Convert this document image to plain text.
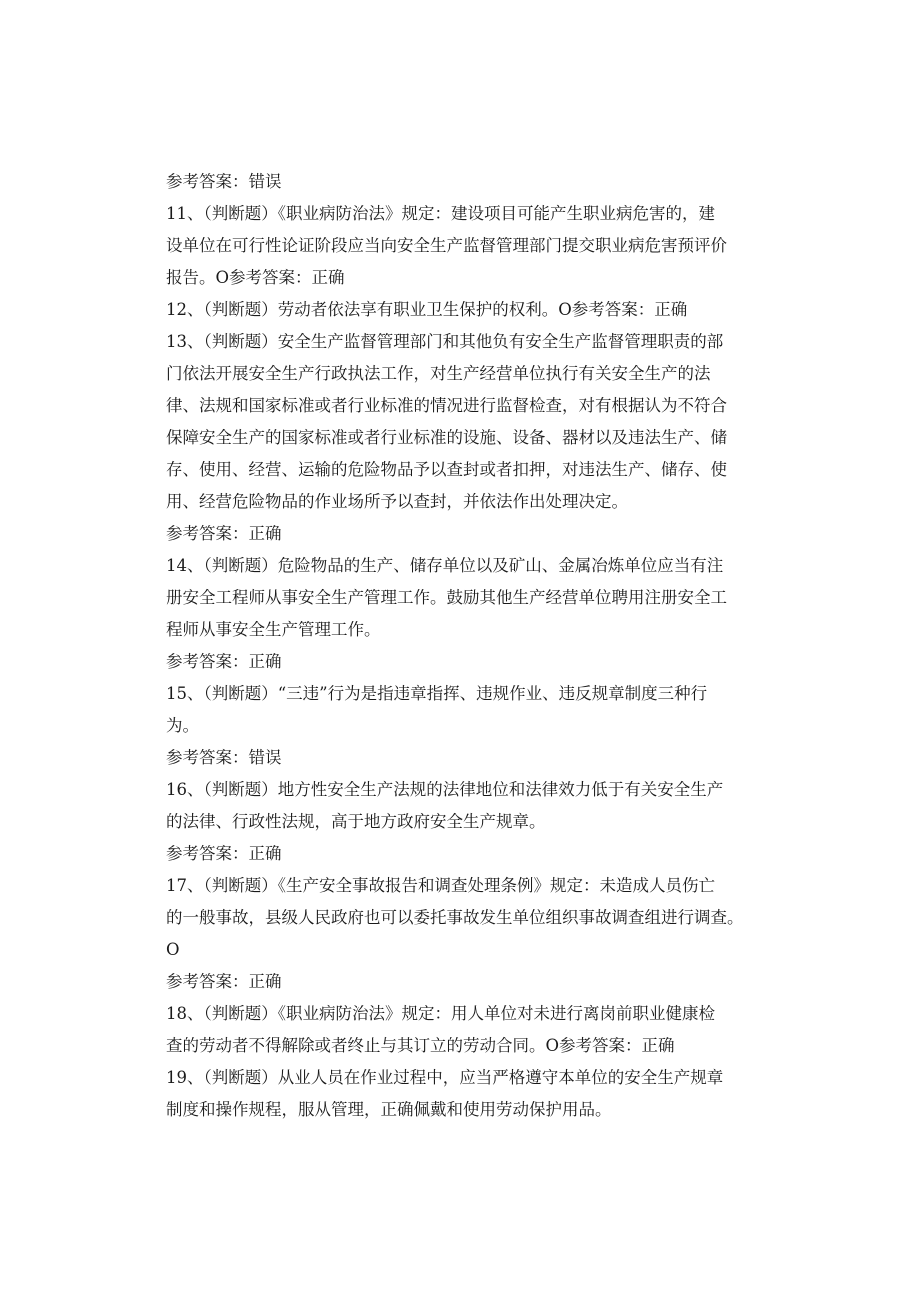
参考答案：错误
11、（判断题）《职业病防治法》规定：建设项目可能产生职业病危害的，建
设单位在可行性论证阶段应当向安全生产监督管理部门提交职业病危害预评价
报告。O参考答案：正确
12、（判断题）劳动者依法享有职业卫生保护的权利。O参考答案：正确
13、（判断题）安全生产监督管理部门和其他负有安全生产监督管理职责的部
门依法开展安全生产行政执法工作，对生产经营单位执行有关安全生产的法
律、法规和国家标准或者行业标准的情况进行监督检查，对有根据认为不符合
保障安全生产的国家标准或者行业标准的设施、设备、器材以及违法生产、储
存、使用、经营、运输的危险物品予以查封或者扣押，对违法生产、储存、使
用、经营危险物品的作业场所予以查封，并依法作出处理决定。
参考答案：正确
14、（判断题）危险物品的生产、储存单位以及矿山、金属冶炼单位应当有注
册安全工程师从事安全生产管理工作。鼓励其他生产经营单位聘用注册安全工
程师从事安全生产管理工作。
参考答案：正确
15、（判断题）“三违”行为是指违章指挥、违规作业、违反规章制度三种行
为。
参考答案：错误
16、（判断题）地方性安全生产法规的法律地位和法律效力低于有关安全生产
的法律、行政性法规，高于地方政府安全生产规章。
参考答案：正确
17、（判断题）《生产安全事故报告和调查处理条例》规定：未造成人员伤亡
的一般事故，县级人民政府也可以委托事故发生单位组织事故调查组进行调查。
O
参考答案：正确
18、（判断题）《职业病防治法》规定：用人单位对未进行离岗前职业健康检
查的劳动者不得解除或者终止与其订立的劳动合同。O参考答案：正确
19、（判断题）从业人员在作业过程中，应当严格遵守本单位的安全生产规章
制度和操作规程，服从管理，正确佩戴和使用劳动保护用品。
